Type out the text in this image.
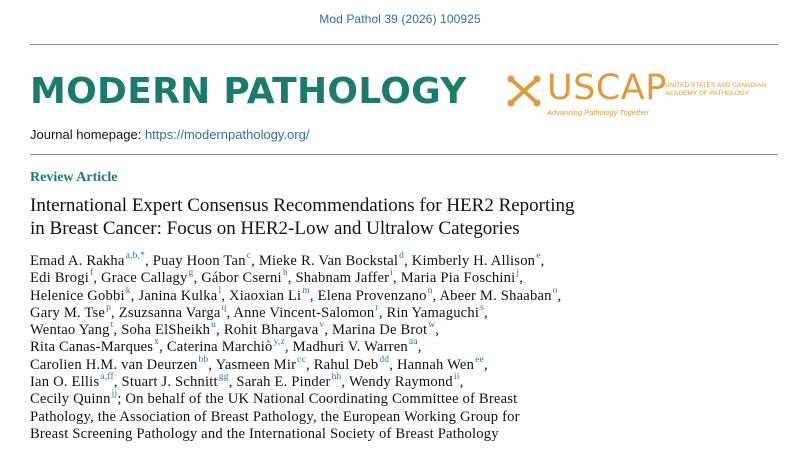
Mod Pathol 39 (2026) 100925
MODERN PATHOLOGY USCAP
UNITED STATES AND CANADIAN
ACADEMY OF PATHOLOGY
Advancing Pathology Together
Journal homepage: https://modernpathology.org/
Review Article
International Expert Consensus Recommendations for HER2 Reporting
in Breast Cancer: Focus on HER2-Low and Ultralow Categories
Emad A. Rakha$^{a,b,*}$, Puay Hoon Tan$^c$, Mieke R. Van Bockstal$^d$, Kimberly H. Allison$^e$,
Edi Brogi$^f$, Grace Callagy$^g$, Gábor Cserni$^h$, Shabnam Jaffer$^i$, Maria Pia Foschini$^j$,
Helenice Gobbi$^k$, Janina Kulka$^l$, Xiaoxian Li$^m$, Elena Provenzano$^n$, Abeer M. Shaaban$^o$,
Gary M. Tse$^p$, Zsuzsanna Varga$^q$, Anne Vincent-Salomon$^r$, Rin Yamaguchi$^s$,
Wentao Yang$^t$, Soha ElSheikh$^u$, Rohit Bhargava$^v$, Marina De Brot$^w$,
Rita Canas-Marques$^x$, Caterina Marchiò$^{y,z}$, Madhuri V. Warren$^{aa}$,
Carolien H.M. van Deurzen$^{bb}$, Yasmeen Mir$^{cc}$, Rahul Deb$^{dd}$, Hannah Wen$^{ee}$,
Ian O. Ellis$^{a,ff}$, Stuart J. Schnitt$^{gg}$, Sarah E. Pinder$^{hh}$, Wendy Raymond$^{ii}$,
Cecily Quinn$^{jj}$; On behalf of the UK National Coordinating Committee of Breast
Pathology, the Association of Breast Pathology, the European Working Group for
Breast Screening Pathology and the International Society of Breast Pathology
